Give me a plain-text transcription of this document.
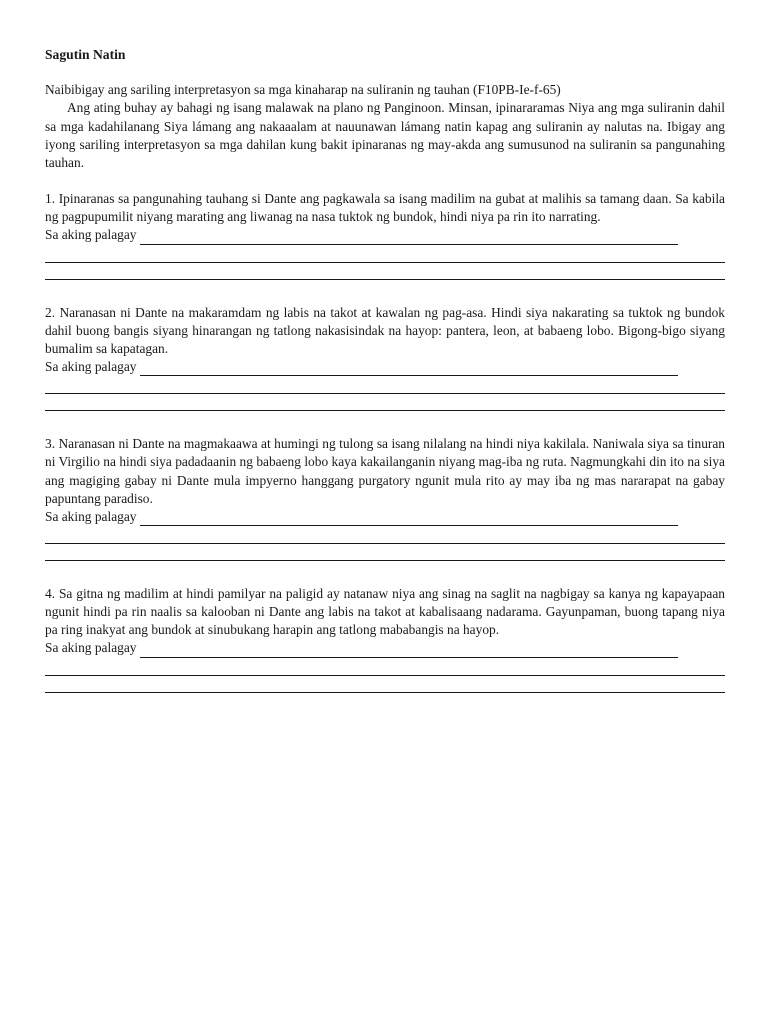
Sagutin Natin

Naibibigay ang sariling interpretasyon sa mga kinaharap na suliranin ng tauhan (F10PB-Ie-f-65)

Ang ating buhay ay bahagi ng isang malawak na plano ng Panginoon. Minsan, ipinararamas Niya ang mga suliranin dahil sa mga kadahilanang Siya lámang ang nakaaalam at nauunawan lámang natin kapag ang suliranin ay nalutas na. Ibigay ang iyong sariling interpretasyon sa mga dahilan kung bakit ipinaranas ng may-akda ang sumusunod na suliranin sa pangunahing tauhan.

1. Ipinaranas sa pangunahing tauhang si Dante ang pagkawala sa isang madilim na gubat at malihis sa tamang daan. Sa kabila ng pagpupumilit niyang marating ang liwanag na nasa tuktok ng bundok, hindi niya pa rin ito narrating.

Sa aking palagay

2. Naranasan ni Dante na makaramdam ng labis na takot at kawalan ng pag-asa. Hindi siya nakarating sa tuktok ng bundok dahil buong bangis siyang hinarangan ng tatlong nakasisindak na hayop: pantera, leon, at babaeng lobo. Bigong-bigo siyang bumalim sa kapatagan.

Sa aking palagay

3. Naranasan ni Dante na magmakaawa at humingi ng tulong sa isang nilalang na hindi niya kakilala. Naniwala siya sa tinuran ni Virgilio na hindi siya padadaanin ng babaeng lobo kaya kakailanganin niyang mag-iba ng ruta. Nagmungkahi din ito na siya ang magiging gabay ni Dante mula impyerno hanggang purgatory ngunit mula rito ay may iba ng mas nararapat na gabay papuntang paradiso.

Sa aking palagay

4. Sa gitna ng madilim at hindi pamilyar na paligid ay natanaw niya ang sinag na saglit na nagbigay sa kanya ng kapayapaan ngunit hindi pa rin naalis sa kalooban ni Dante ang labis na takot at kabalisaang nadarama. Gayunpaman, buong tapang niya pa ring inakyat ang bundok at sinubukang harapin ang tatlong mababangis na hayop.

Sa aking palagay
